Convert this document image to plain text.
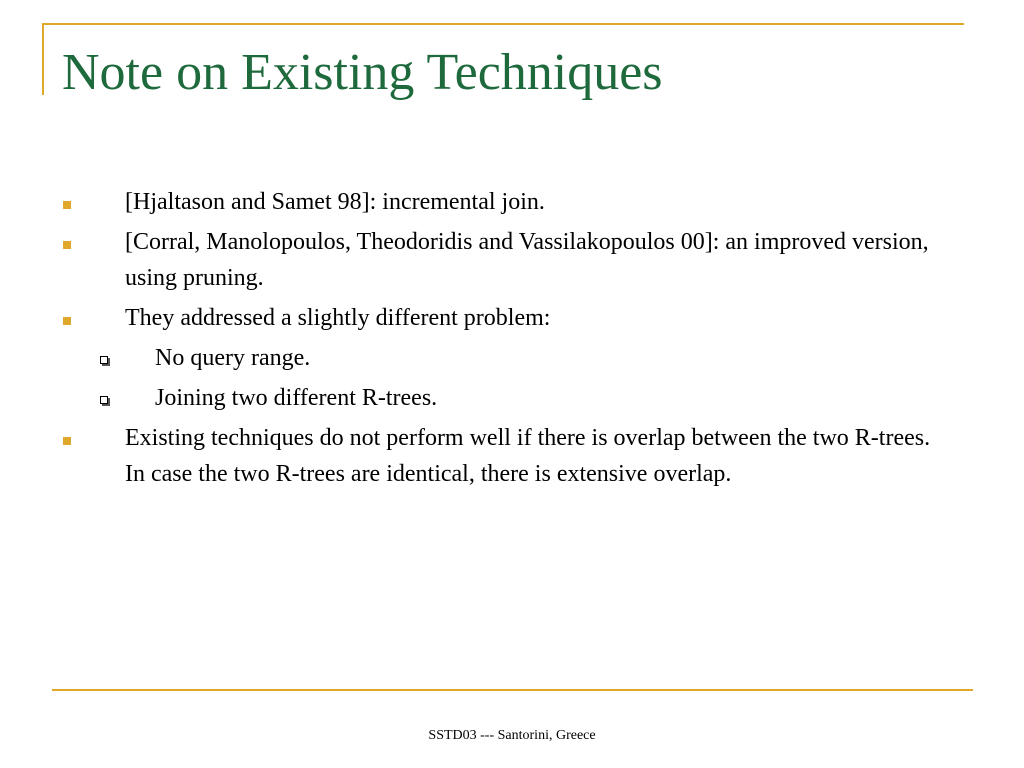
Note on Existing Techniques
[Hjaltason and Samet 98]: incremental join.
[Corral, Manolopoulos, Theodoridis and Vassilakopoulos 00]: an improved version, using pruning.
They addressed a slightly different problem:
No query range.
Joining two different R-trees.
Existing techniques do not perform well if there is overlap between the two R-trees. In case the two R-trees are identical, there is extensive overlap.
SSTD03 --- Santorini, Greece
